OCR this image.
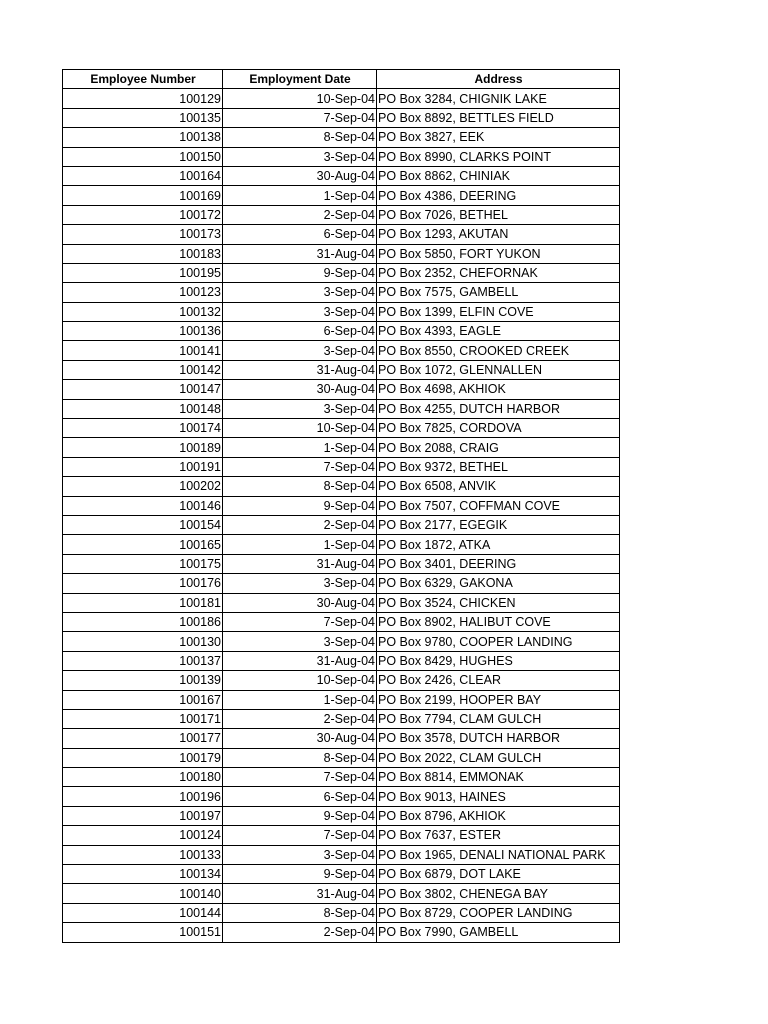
Employee Number	Employment Date	Address
100129	10-Sep-04	PO Box 3284, CHIGNIK LAKE
100135	7-Sep-04	PO Box 8892, BETTLES FIELD
100138	8-Sep-04	PO Box 3827, EEK
100150	3-Sep-04	PO Box 8990, CLARKS POINT
100164	30-Aug-04	PO Box 8862, CHINIAK
100169	1-Sep-04	PO Box 4386, DEERING
100172	2-Sep-04	PO Box 7026, BETHEL
100173	6-Sep-04	PO Box 1293, AKUTAN
100183	31-Aug-04	PO Box 5850, FORT YUKON
100195	9-Sep-04	PO Box 2352, CHEFORNAK
100123	3-Sep-04	PO Box 7575, GAMBELL
100132	3-Sep-04	PO Box 1399, ELFIN COVE
100136	6-Sep-04	PO Box 4393, EAGLE
100141	3-Sep-04	PO Box 8550, CROOKED CREEK
100142	31-Aug-04	PO Box 1072, GLENNALLEN
100147	30-Aug-04	PO Box 4698, AKHIOK
100148	3-Sep-04	PO Box 4255, DUTCH HARBOR
100174	10-Sep-04	PO Box 7825, CORDOVA
100189	1-Sep-04	PO Box 2088, CRAIG
100191	7-Sep-04	PO Box 9372, BETHEL
100202	8-Sep-04	PO Box 6508, ANVIK
100146	9-Sep-04	PO Box 7507, COFFMAN COVE
100154	2-Sep-04	PO Box 2177, EGEGIK
100165	1-Sep-04	PO Box 1872, ATKA
100175	31-Aug-04	PO Box 3401, DEERING
100176	3-Sep-04	PO Box 6329, GAKONA
100181	30-Aug-04	PO Box 3524, CHICKEN
100186	7-Sep-04	PO Box 8902, HALIBUT COVE
100130	3-Sep-04	PO Box 9780, COOPER LANDING
100137	31-Aug-04	PO Box 8429, HUGHES
100139	10-Sep-04	PO Box 2426, CLEAR
100167	1-Sep-04	PO Box 2199, HOOPER BAY
100171	2-Sep-04	PO Box 7794, CLAM GULCH
100177	30-Aug-04	PO Box 3578, DUTCH HARBOR
100179	8-Sep-04	PO Box 2022, CLAM GULCH
100180	7-Sep-04	PO Box 8814, EMMONAK
100196	6-Sep-04	PO Box 9013, HAINES
100197	9-Sep-04	PO Box 8796, AKHIOK
100124	7-Sep-04	PO Box 7637, ESTER
100133	3-Sep-04	PO Box 1965, DENALI NATIONAL PARK
100134	9-Sep-04	PO Box 6879, DOT LAKE
100140	31-Aug-04	PO Box 3802, CHENEGA BAY
100144	8-Sep-04	PO Box 8729, COOPER LANDING
100151	2-Sep-04	PO Box 7990, GAMBELL
